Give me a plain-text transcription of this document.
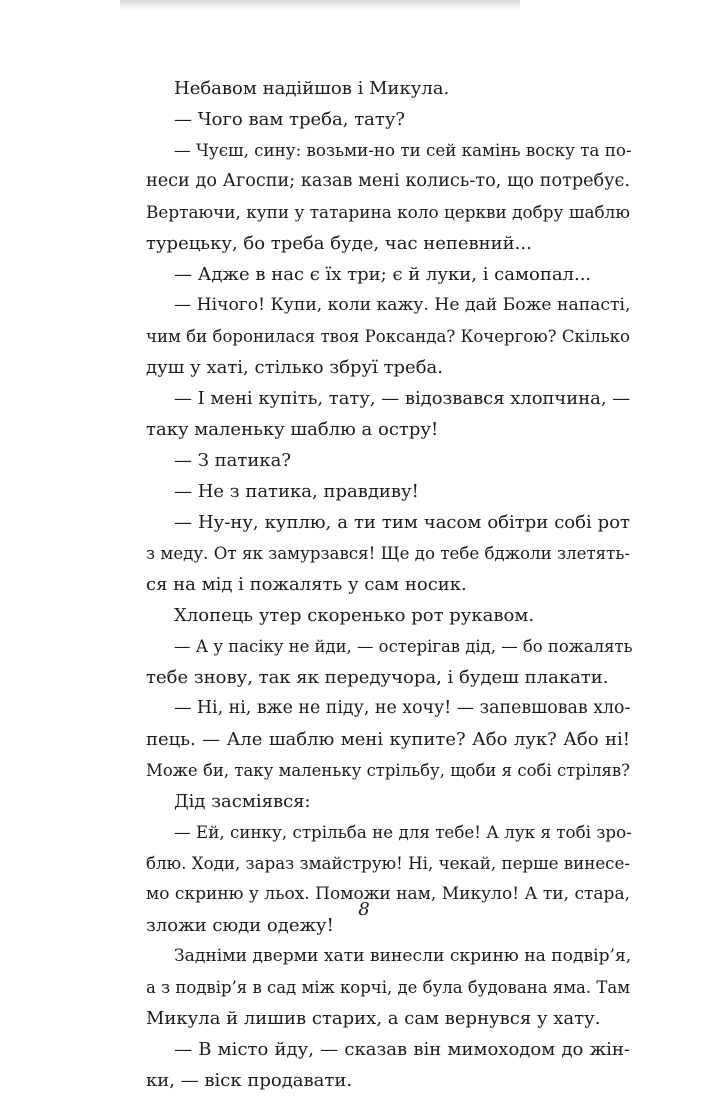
Небавом надійшов і Микула.
— Чого вам треба, тату?
— Чуєш, сину: возьми-но ти сей камінь воску та по-
неси до Агоспи; казав мені колись-то, що потребує.
Вертаючи, купи у татарина коло церкви добру шаблю
турецьку, бо треба буде, час непевний...
— Адже в нас є їх три; є й луки, і самопал...
— Нічого! Купи, коли кажу. Не дай Боже напасті,
чим би боронилася твоя Роксанда? Кочергою? Скілько
душ у хаті, стілько збруї треба.
— І мені купіть, тату, — відозвався хлопчина, —
таку маленьку шаблю а остру!
— З патика?
— Не з патика, правдиву!
— Ну-ну, куплю, а ти тим часом обітри собі рот
з меду. От як замурзався! Ще до тебе бджоли злетять-
ся на мід і пожалять у сам носик.
Хлопець утер скоренько рот рукавом.
— А у пасіку не йди, — остерігав дід, — бо пожалять
тебе знову, так як передучора, і будеш плакати.
— Ні, ні, вже не піду, не хочу! — запевшовав хло-
пець. — Але шаблю мені купите? Або лук? Або ні!
Може би, таку маленьку стрільбу, щоби я собі стріляв?
Дід засміявся:
— Ей, синку, стрільба не для тебе! А лук я тобі зро-
блю. Ходи, зараз змайструю! Ні, чекай, перше винесе-
мо скриню у льох. Поможи нам, Микуло! А ти, стара,
зложи сюди одежу!
Задніми дверми хати винесли скриню на подвір’я,
а з подвір’я в сад між корчі, де була будована яма. Там
Микула й лишив старих, а сам вернувся у хату.
— В місто йду, — сказав він мимоходом до жін-
ки, — віск продавати.
8
